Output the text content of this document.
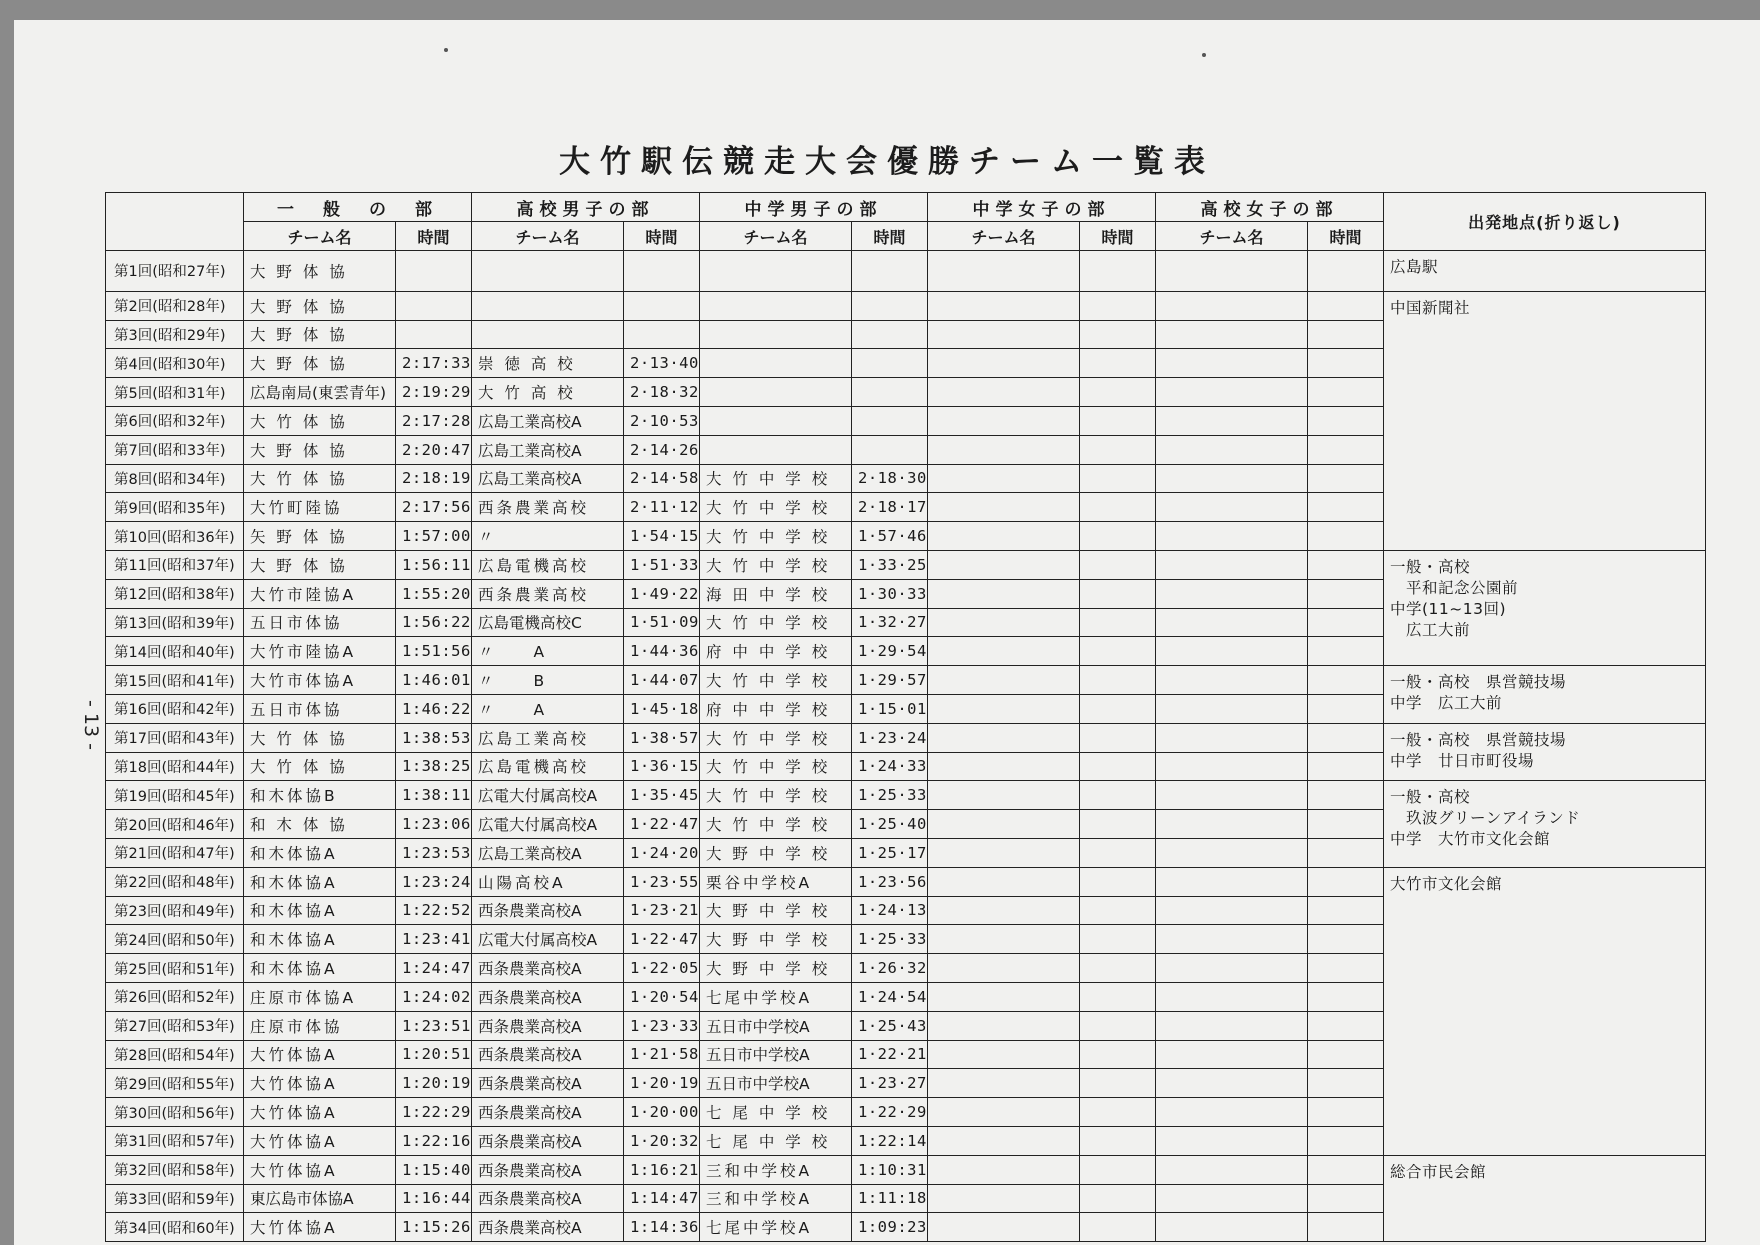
大竹駅伝競走大会優勝チーム一覧表
- 13 -
	一　般　の　部		高校男子の部		中学男子の部		中学女子の部		高校女子の部		出発地点(折り返し)
	チーム名	時間	チーム名	時間	チーム名	時間	チーム名	時間	チーム名	時間	
第1回(昭和27年)	大 野 体 協										広島駅
第2回(昭和28年)	大 野 体 協										中国新聞社
第3回(昭和29年)	大 野 体 協										
第4回(昭和30年)	大 野 体 協	2:17:33	崇 徳 高 校	2·13·40							
第5回(昭和31年)	広島南局(東雲青年)	2:19:29	大 竹 高 校	2·18·32							
第6回(昭和32年)	大 竹 体 協	2:17:28	広島工業高校A	2·10·53							
第7回(昭和33年)	大 野 体 協	2:20:47	広島工業高校A	2·14·26							
第8回(昭和34年)	大 竹 体 協	2:18:19	広島工業高校A	2·14·58	大 竹 中 学 校	2·18·30					
第9回(昭和35年)	大竹町陸協	2:17:56	西条農業高校	2·11·12	大 竹 中 学 校	2·18·17					
第10回(昭和36年)	矢 野 体 協	1:57:00	〃	1·54·15	大 竹 中 学 校	1·57·46					
第11回(昭和37年)	大 野 体 協	1:56:11	広島電機高校	1·51·33	大 竹 中 学 校	1·33·25					一般・高校
　平和記念公園前
中学(11~13回)
　広工大前
第12回(昭和38年)	大竹市陸協A	1:55:20	西条農業高校	1·49·22	海 田 中 学 校	1·30·33					
第13回(昭和39年)	五日市体協	1:56:22	広島電機高校C	1·51·09	大 竹 中 学 校	1·32·27					
第14回(昭和40年)	大竹市陸協A	1:51:56	〃　　A	1·44·36	府 中 中 学 校	1·29·54					
第15回(昭和41年)	大竹市体協A	1:46:01	〃　　B	1·44·07	大 竹 中 学 校	1·29·57					一般・高校　県営競技場
中学　広工大前
第16回(昭和42年)	五日市体協	1:46:22	〃　　A	1·45·18	府 中 中 学 校	1·15·01					
第17回(昭和43年)	大 竹 体 協	1:38:53	広島工業高校	1·38·57	大 竹 中 学 校	1·23·24					一般・高校　県営競技場
中学　廿日市町役場
第18回(昭和44年)	大 竹 体 協	1:38:25	広島電機高校	1·36·15	大 竹 中 学 校	1·24·33					
第19回(昭和45年)	和木体協B	1:38:11	広電大付属高校A	1·35·45	大 竹 中 学 校	1·25·33					一般・高校
　玖波グリーンアイランド
中学　大竹市文化会館
第20回(昭和46年)	和 木 体 協	1:23:06	広電大付属高校A	1·22·47	大 竹 中 学 校	1·25·40					
第21回(昭和47年)	和木体協A	1:23:53	広島工業高校A	1·24·20	大 野 中 学 校	1·25·17					
第22回(昭和48年)	和木体協A	1:23:24	山陽高校A	1·23·55	栗谷中学校A	1·23·56					大竹市文化会館
第23回(昭和49年)	和木体協A	1:22:52	西条農業高校A	1·23·21	大 野 中 学 校	1·24·13					
第24回(昭和50年)	和木体協A	1:23:41	広電大付属高校A	1·22·47	大 野 中 学 校	1·25·33					
第25回(昭和51年)	和木体協A	1:24:47	西条農業高校A	1·22·05	大 野 中 学 校	1·26·32					
第26回(昭和52年)	庄原市体協A	1:24:02	西条農業高校A	1·20·54	七尾中学校A	1·24·54					
第27回(昭和53年)	庄原市体協	1:23:51	西条農業高校A	1·23·33	五日市中学校A	1·25·43					
第28回(昭和54年)	大竹体協A	1:20:51	西条農業高校A	1·21·58	五日市中学校A	1·22·21					
第29回(昭和55年)	大竹体協A	1:20:19	西条農業高校A	1·20·19	五日市中学校A	1·23·27					
第30回(昭和56年)	大竹体協A	1:22:29	西条農業高校A	1·20·00	七 尾 中 学 校	1·22·29					
第31回(昭和57年)	大竹体協A	1:22:16	西条農業高校A	1·20:32	七 尾 中 学 校	1:22:14					
第32回(昭和58年)	大竹体協A	1:15:40	西条農業高校A	1:16:21	三和中学校A	1:10:31					総合市民会館
第33回(昭和59年)	東広島市体協A	1:16:44	西条農業高校A	1:14:47	三和中学校A	1:11:18					
第34回(昭和60年)	大竹体協A	1:15:26	西条農業高校A	1:14:36	七尾中学校A	1:09:23					
